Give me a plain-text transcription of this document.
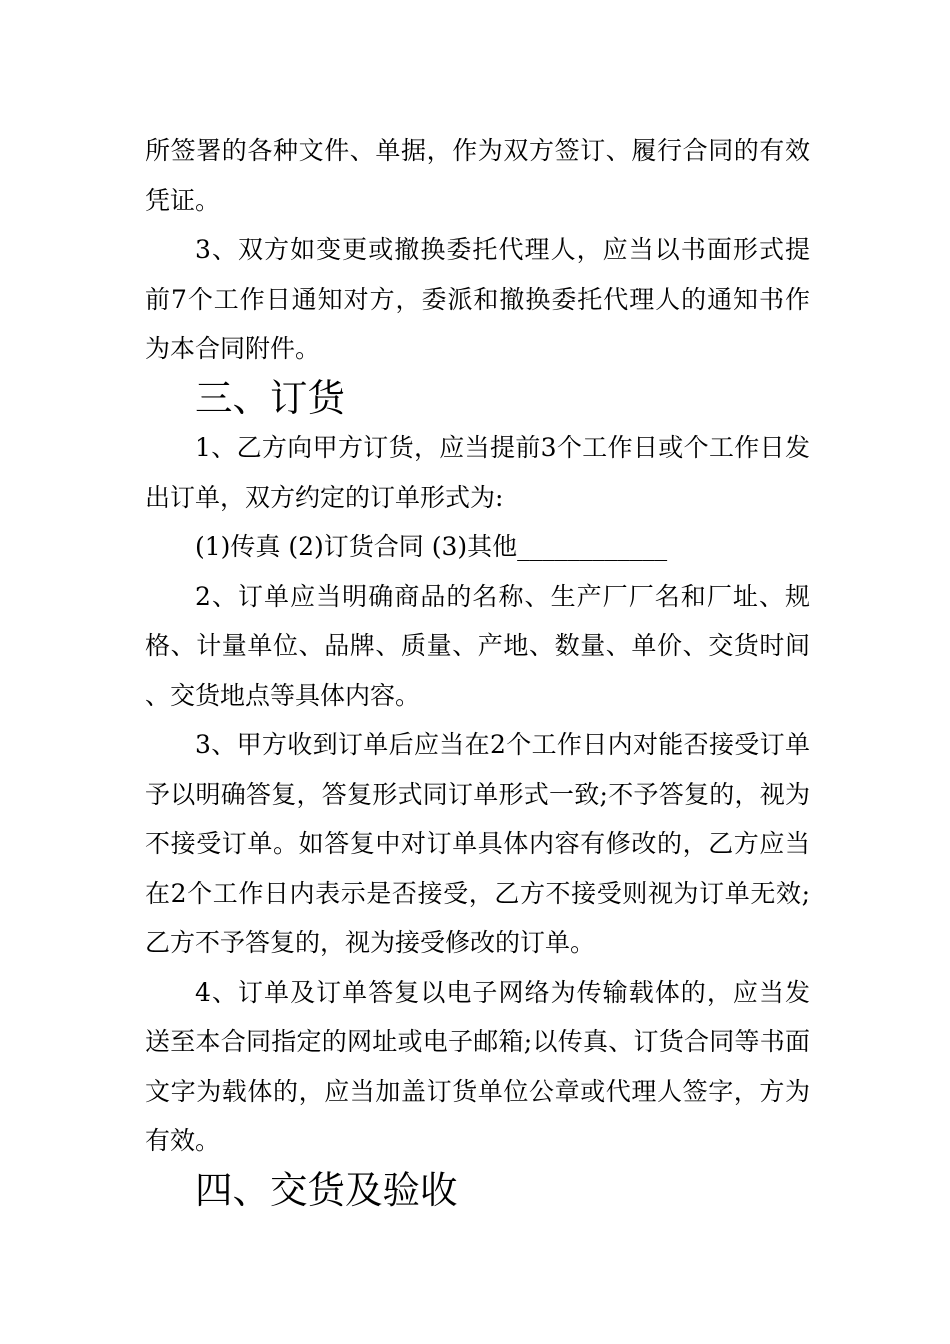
所签署的各种文件、单据，作为双方签订、履行合同的有效凭证。

3、双方如变更或撤换委托代理人，应当以书面形式提前7个工作日通知对方，委派和撤换委托代理人的通知书作为本合同附件。

三、订货

1、乙方向甲方订货，应当提前3个工作日或个工作日发出订单，双方约定的订单形式为:

(1)传真 (2)订货合同 (3)其他____________

2、订单应当明确商品的名称、生产厂厂名和厂址、规格、计量单位、品牌、质量、产地、数量、单价、交货时间、交货地点等具体内容。

3、甲方收到订单后应当在2个工作日内对能否接受订单予以明确答复，答复形式同订单形式一致;不予答复的，视为不接受订单。如答复中对订单具体内容有修改的，乙方应当在2个工作日内表示是否接受，乙方不接受则视为订单无效;乙方不予答复的，视为接受修改的订单。

4、订单及订单答复以电子网络为传输载体的，应当发送至本合同指定的网址或电子邮箱;以传真、订货合同等书面文字为载体的，应当加盖订货单位公章或代理人签字，方为有效。

四、交货及验收
